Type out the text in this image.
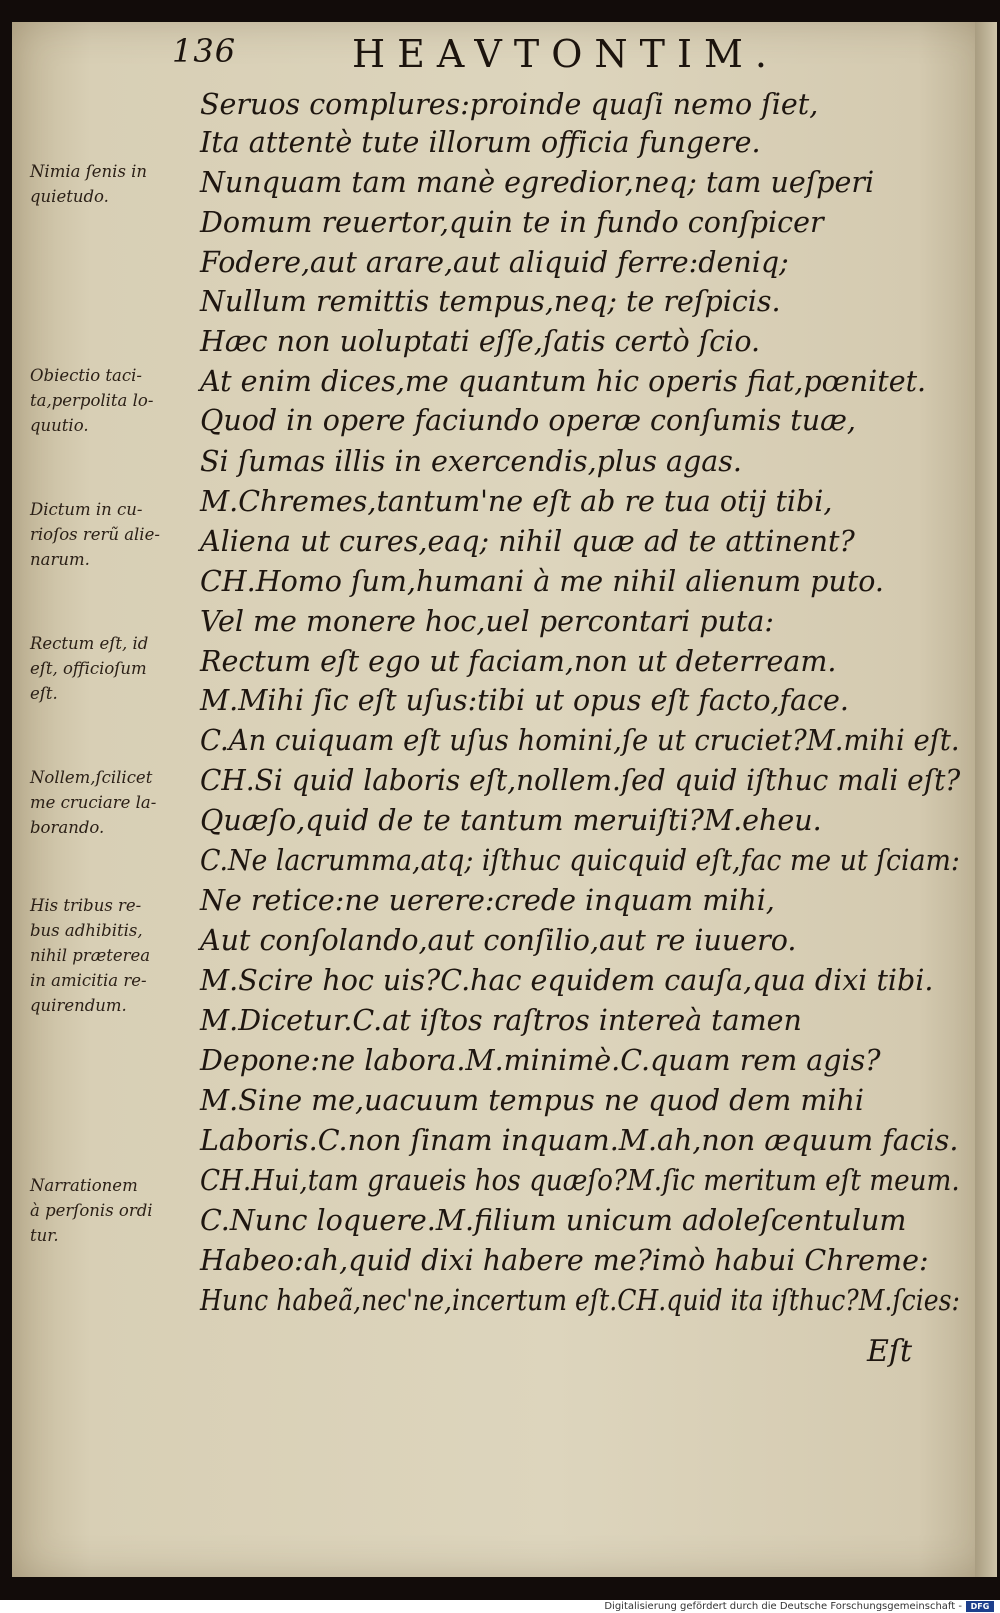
136	HEAVTONTIM.
Seruos complures:proinde quaſi nemo ſiet,
Ita attentè tute illorum officia fungere.
Nunquam tam manè egredior,neq; tam ueſperi
Domum reuertor,quin te in fundo conſpicer
Fodere,aut arare,aut aliquid ferre:deniq;
Nullum remittis tempus,neq; te reſpicis.
Hæc non uoluptati eſſe,ſatis certò ſcio.
At enim dices,me quantum hic operis fiat,pœnitet.
Quod in opere faciundo operæ conſumis tuæ,
Si ſumas illis in exercendis,plus agas.
M.Chremes,tantum'ne eſt ab re tua otij tibi,
Aliena ut cures,eaq; nihil quæ ad te attinent?
CH.Homo ſum,humani à me nihil alienum puto.
Vel me monere hoc,uel percontari puta:
Rectum eſt ego ut faciam,non ut deterream.
M.Mihi ſic eſt uſus:tibi ut opus eſt facto,face.
C.An cuiquam eſt uſus homini,ſe ut cruciet?M.mihi eſt.
CH.Si quid laboris eſt,nollem.ſed quid iſthuc mali eſt?
Quæſo,quid de te tantum meruiſti?M.eheu.
C.Ne lacrumma,atq; iſthuc quicquid eſt,fac me ut ſciam:
Ne retice:ne uerere:crede inquam mihi,
Aut conſolando,aut conſilio,aut re iuuero.
M.Scire hoc uis?C.hac equidem cauſa,qua dixi tibi.
M.Dicetur.C.at iſtos raſtros intereà tamen
Depone:ne labora.M.minimè.C.quam rem agis?
M.Sine me,uacuum tempus ne quod dem mihi
Laboris.C.non ſinam inquam.M.ah,non æquum facis.
CH.Hui,tam graueis hos quæſo?M.ſic meritum eſt meum.
C.Nunc loquere.M.filium unicum adoleſcentulum
Habeo:ah,quid dixi habere me?imò habui Chreme:
Hunc habeã,nec'ne,incertum eſt.CH.quid ita iſthuc?M.ſcies:
Eſt
Nimia ſenis in
quietudo.
Obiectio taci-
ta,perpolita lo-
quutio.
Dictum in cu-
rioſos rerũ alie-
narum.
Rectum eſt, id
eſt, officioſum
eſt.
Nollem,ſcilicet
me cruciare la-
borando.
His tribus re-
bus adhibitis,
nihil præterea
in amicitia re-
quirendum.
Narrationem
à perſonis ordi
tur.
Digitalisierung gefördert durch die Deutsche Forschungsgemeinschaft -	DFG
